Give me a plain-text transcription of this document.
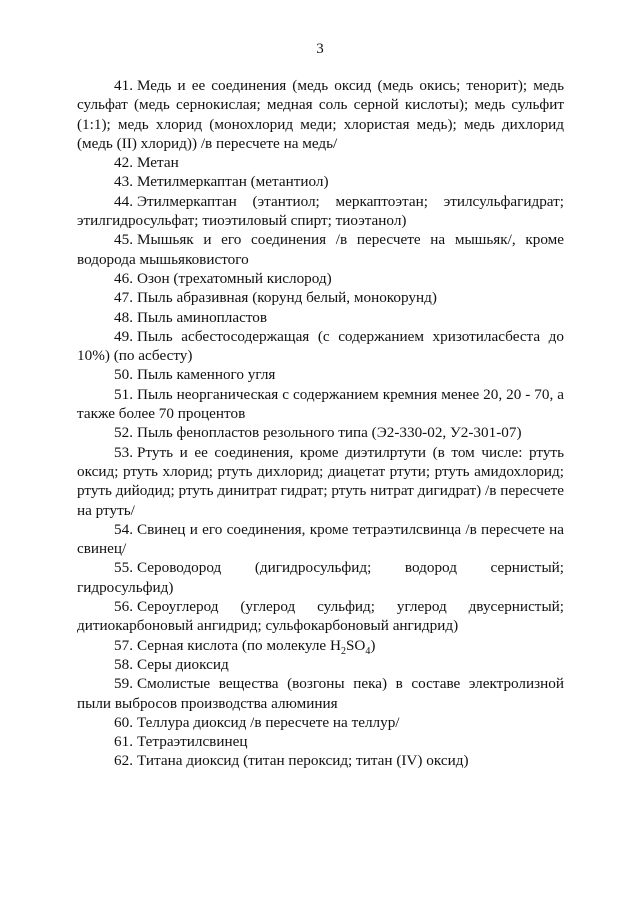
3

41. Медь и ее соединения (медь оксид (медь окись; тенорит); медь сульфат (медь сернокислая; медная соль серной кислоты); медь сульфит (1:1); медь хлорид (монохлорид меди; хлористая медь); медь дихлорид (медь (II) хлорид)) /в пересчете на медь/

42. Метан

43. Метилмеркаптан (метантиол)

44. Этилмеркаптан (этантиол; меркаптоэтан; этилсульфагидрат; этилгидросульфат; тиоэтиловый спирт; тиоэтанол)

45. Мышьяк и его соединения /в пересчете на мышьяк/, кроме водорода мышьяковистого

46. Озон (трехатомный кислород)

47. Пыль абразивная (корунд белый, монокорунд)

48. Пыль аминопластов

49. Пыль асбестосодержащая (с содержанием хризотиласбеста до 10%) (по асбесту)

50. Пыль каменного угля

51. Пыль неорганическая с содержанием кремния менее 20, 20 - 70, а также более 70 процентов

52. Пыль фенопластов резольного типа (Э2-330-02, У2-301-07)

53. Ртуть и ее соединения, кроме диэтилртути (в том числе: ртуть оксид; ртуть хлорид; ртуть дихлорид; диацетат ртути; ртуть амидохлорид; ртуть дийодид; ртуть динитрат гидрат; ртуть нитрат дигидрат) /в пересчете на ртуть/

54. Свинец и его соединения, кроме тетраэтилсвинца /в пересчете на свинец/

55. Сероводород (дигидросульфид; водород сернистый; гидросульфид)

56. Сероуглерод (углерод сульфид; углерод двусернистый; дитиокарбоновый ангидрид; сульфокарбоновый ангидрид)

57. Серная кислота (по молекуле $H_2SO_4$)

58. Серы диоксид

59. Смолистые вещества (возгоны пека) в составе электролизной пыли выбросов производства алюминия

60. Теллура диоксид /в пересчете на теллур/

61. Тетраэтилсвинец

62. Титана диоксид (титан пероксид; титан (IV) оксид)
